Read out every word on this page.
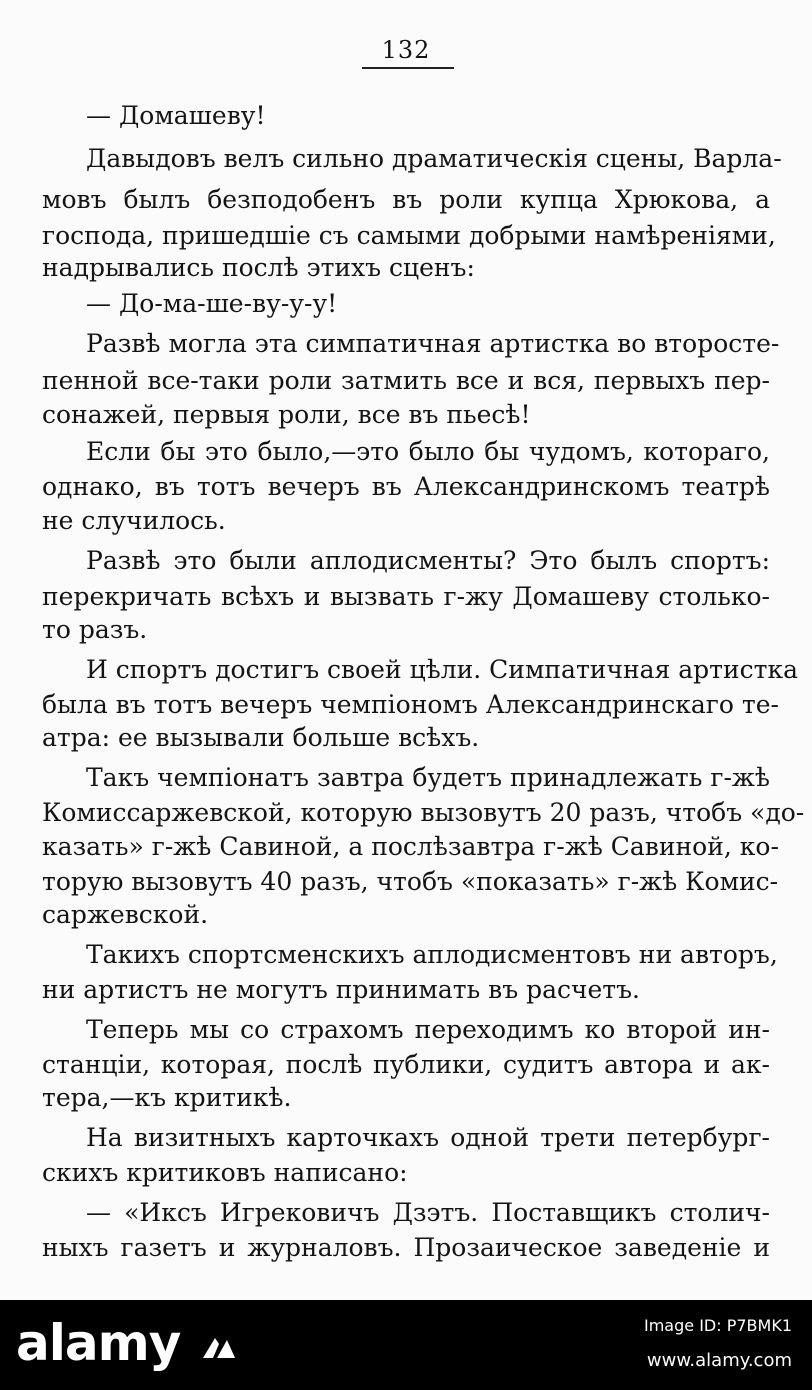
132
— Домашеву!
Давыдовъ велъ сильно драматическія сцены, Варла-
мовъ былъ безподобенъ въ роли купца Хрюкова, а
господа, пришедшіе съ самыми добрыми намѣреніями,
надрывались послѣ этихъ сценъ:
— До-ма-ше-ву-у-у!
Развѣ могла эта симпатичная артистка во второсте-
пенной все-таки роли затмить все и вся, первыхъ пер-
сонажей, первыя роли, все въ пьесѣ!
Если бы это было,—это было бы чудомъ, котораго,
однако, въ тотъ вечеръ въ Александринскомъ театрѣ
не случилось.
Развѣ это были аплодисменты? Это былъ спортъ:
перекричать всѣхъ и вызвать г-жу Домашеву столько-
то разъ.
И спортъ достигъ своей цѣли. Симпатичная артистка
была въ тотъ вечеръ чемпіономъ Александринскаго те-
атра: ее вызывали больше всѣхъ.
Такъ чемпіонатъ завтра будетъ принадлежать г-жѣ
Комиссаржевской, которую вызовутъ 20 разъ, чтобъ «до-
казать» г-жѣ Савиной, а послѣзавтра г-жѣ Савиной, ко-
торую вызовутъ 40 разъ, чтобъ «показать» г-жѣ Комис-
саржевской.
Такихъ спортсменскихъ аплодисментовъ ни авторъ,
ни артистъ не могутъ принимать въ расчетъ.
Теперь мы со страхомъ переходимъ ко второй ин-
станціи, которая, послѣ публики, судитъ автора и ак-
тера,—къ критикѣ.
На визитныхъ карточкахъ одной трети петербург-
скихъ критиковъ написано:
— «Иксъ Игрековичъ Дзэтъ. Поставщикъ столич-
ныхъ газетъ и журналовъ. Прозаическое заведеніе и
alamy	Image ID: P7BMK1
www.alamy.com
